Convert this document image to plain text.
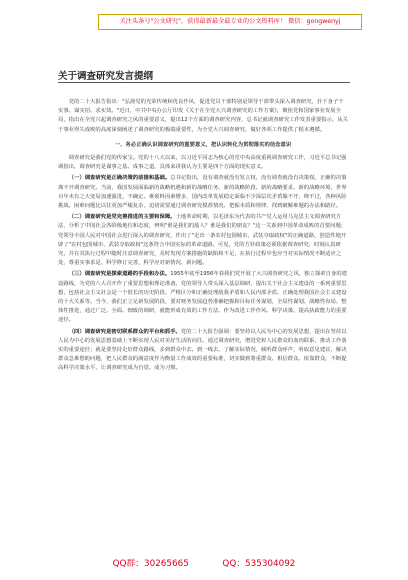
关注头条号"公文研究"，获得最新最全最专业的公文资料库！ 微信：gongwenyj
关于调查研究发言提纲

党的二十大报告指出："弘扬党的光荣传统和优良作风，促进党员干部特别是领导干部带头深入调查研究，扑下身子干实事、谋实招、求实效。"近日，中共中央办公厅印发《关于在全党大兴调查研究的工作方案》，聚焦党和国家事业发展全局，指出在全党兴起调查研究之风的重要意义，提出12个方面的调查研究内容，总书记就调查研究工作发表重要指示，从关于事业得失成败的高度深刻阐述了调查研究的极端重要性，为全党大兴调查研究、做好各项工作提供了根本遵循。

一、务必正确认识调查研究的重要意义，把认识转化为贯彻落实的信念意识

调查研究是我们党的传家宝。党的十八大以来，以习近平同志为核心的党中央高度重视调查研究工作，习近平总书记强调指出，调查研究是谋事之基、成事之道，具体来讲我认为主要是四个方面的现实意义。

（一）调查研究是正确决策的前提和基础。总书记指出，没有调查就没有发言权，没有调查就没有决策权。正确的决策离不开调查研究。当前，我国发展面临新的战略机遇和新的战略任务、新的战略阶段、新的战略要求、新的战略环境，世界百年未有之大变局加速演进，不确定、难预料因素增多，国内改革发展稳定面临不少深层次矛盾躲不开、绕不过，各种风险挑战、困难问题比以往更加严峻复杂，迫切需要通过调查研究摸准情况、把握本质和规律，找到破解难题的办法和路径。

（二）调查研究是党完善推进的主要和保障。土地革命时期，以毛泽东为代表的共产党人运用马克思主义调查研究方法，分析了中国社会各阶级地位和态度，辨明"谁是我们的敌人？谁是我们的朋友？"这一关系到中国革命成败的首要问题；党领导全国人民对中国社会进行深入的调查研究，作出了"走出一条农村包围城市、武装夺取政权"的正确道路，创造性地开辟了"农村包围城市、武装夺取政权"这条符合中国实际的革命道路。可见，党的方针政策必须依据调查研究，时刻认真研究，并在其执行过程中随时注意调查研究，及时发现方案措施的缺陷和不足，在执行过程中也应当对实际情况不断适应之处，尊重实事求是、科学修订完善，科学应对新情况、新问题。

（三）调查研究是探索道路的手段和办法。1955年底至1956年春我们党开展了大兴调查研究之风，独立探索自身的建设路线，为党的八大召开作了重要思想和理论准备。党的领导人带头深入基层调研，提出关于社会主义建设的一系列重要思想，包括社会主义社会是一个很长的历史阶段、严格区分和正确处理敌我矛盾和人民内部矛盾、正确处理我国社会主义建设的十大关系等。当今，我们正立足新发展阶段，要对财务发展趋势准确把握和目标任务谋划，全局性谋划、战略性布局、整体性推进，通过广泛、全面、细致的调研，就能形成有效的工作方法、作为改进工作作风、科学决策、提高执政能力的重要途径。

（四）调查研究是密切联系群众的平台和抓手。党的二十大报告强调：要坚持以人民为中心的发展思想，提出在坚持以人民为中心的发展思想基础上不断实现人民对美好生活的向往。通过调查研究，增进党和人民群众的血肉联系，推动工作落实的重要途径；就是要坚持走好群众路线，多到群众中去、到一线去，了解实际情况，倾听群众呼声，听取意见建议，解决群众急难愁盼问题，把人民群众的满意度作为衡量工作成效的重要标准，切实做到尊重群众、相信群众、依靠群众，不断提高科学决策水平，让调查研究成为自觉、成为习惯。

QQ群：30265665	QQ：535304092
